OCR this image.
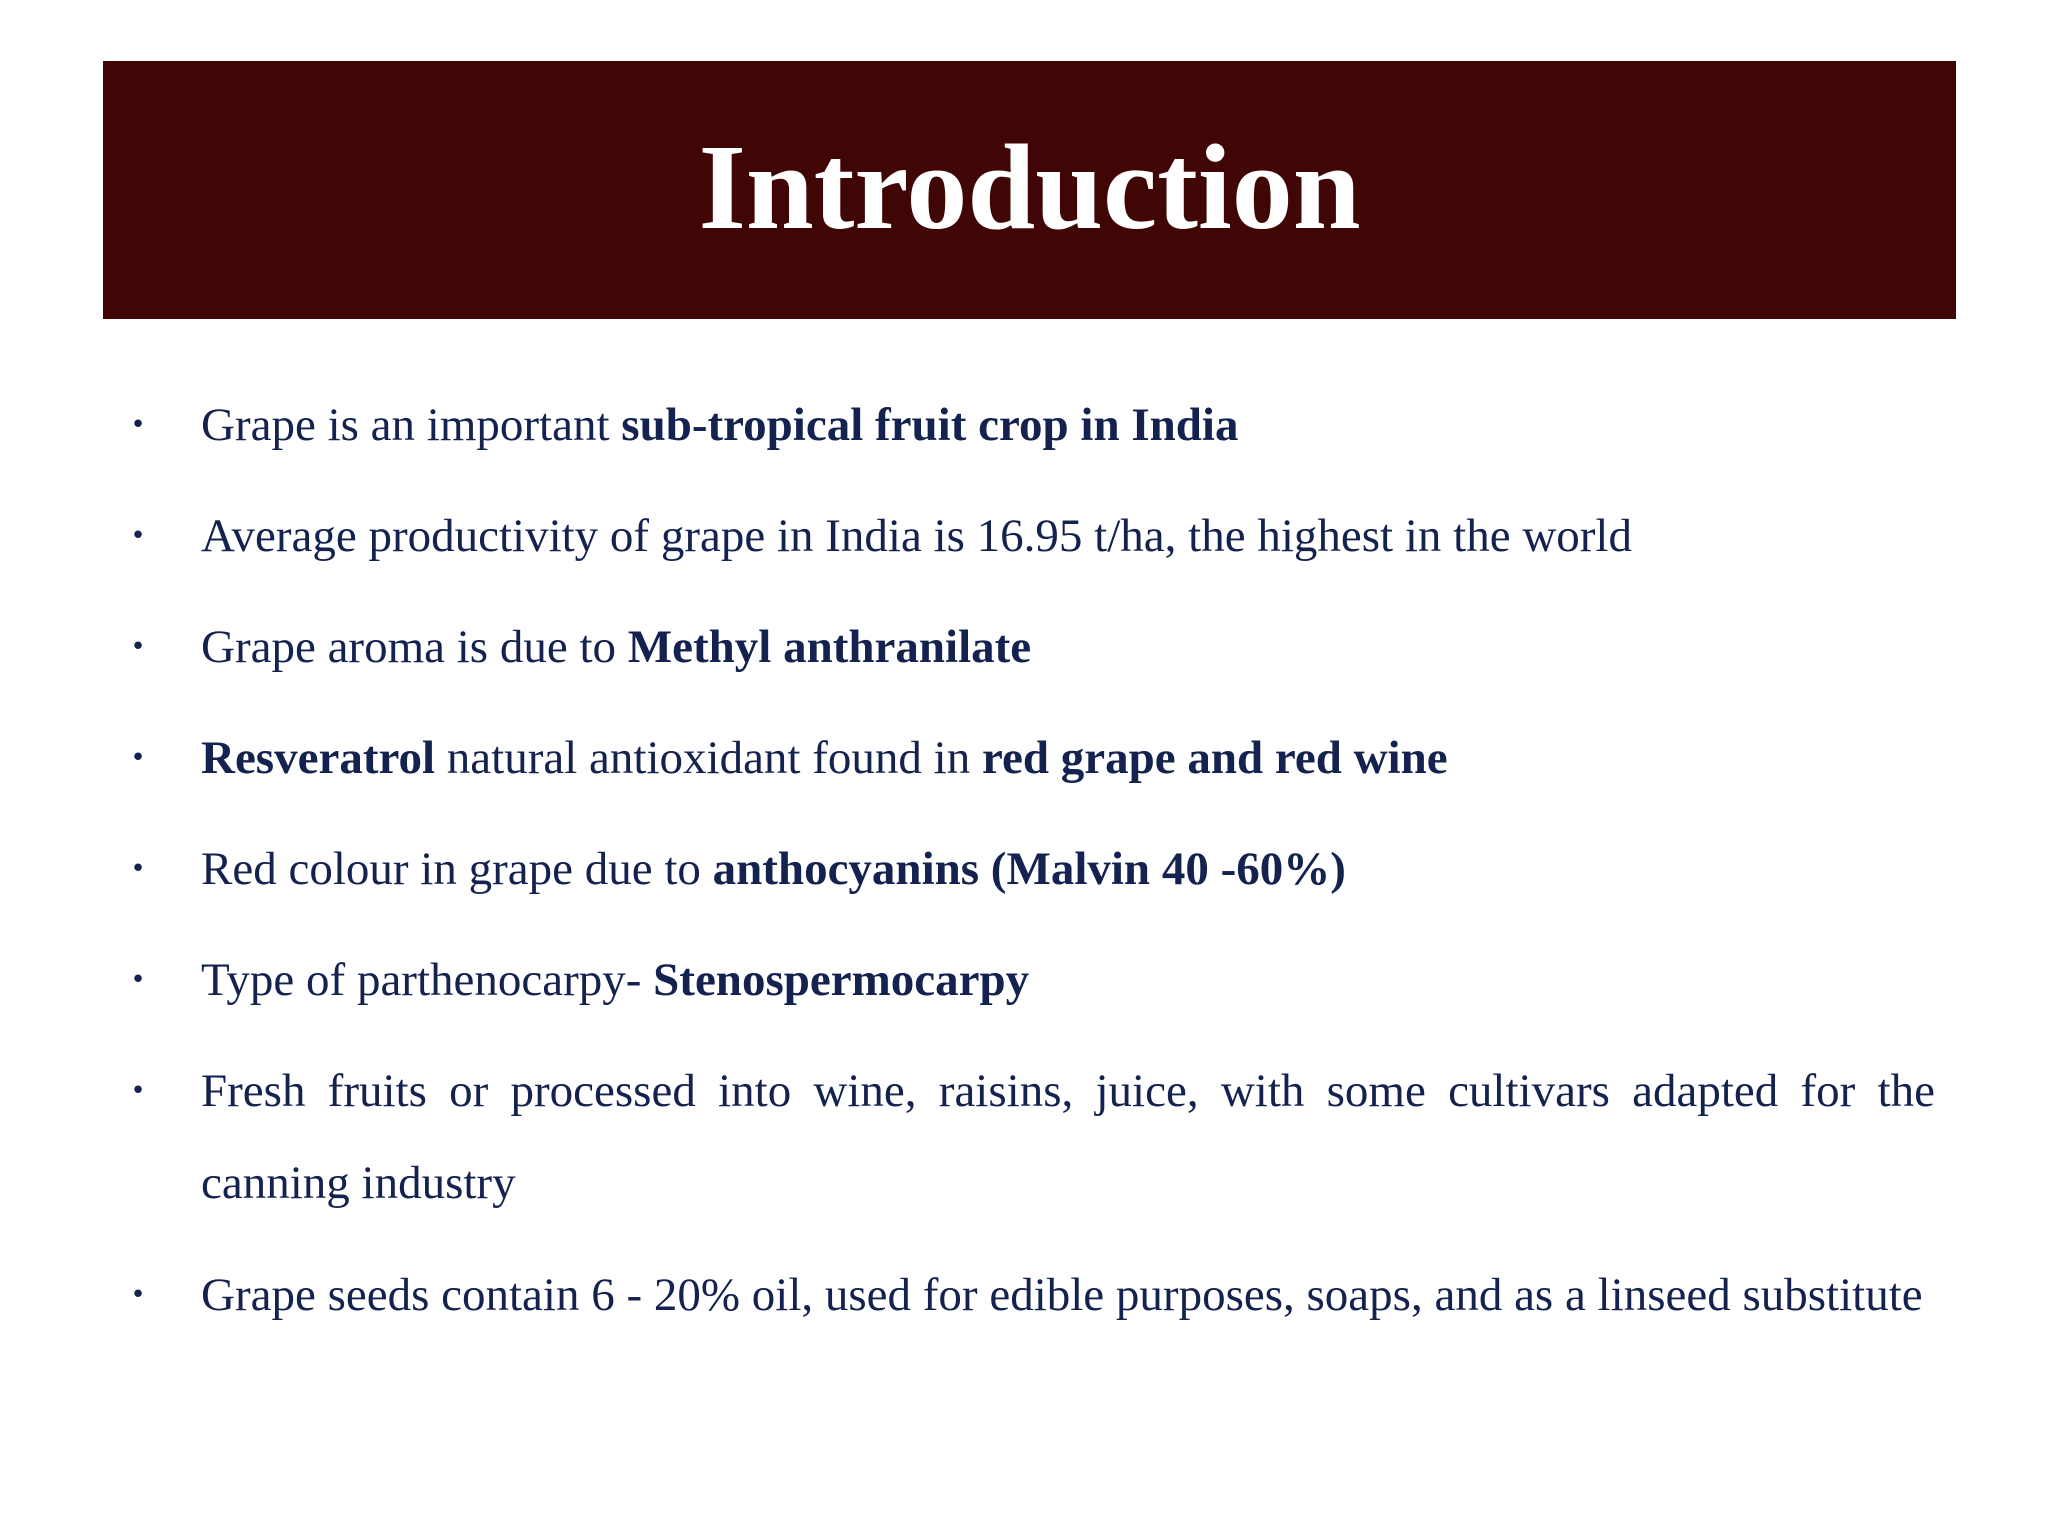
Introduction
• Grape is an important sub-tropical fruit crop in India
• Average productivity of grape in India is 16.95 t/ha, the highest in the world
• Grape aroma is due to Methyl anthranilate
• Resveratrol natural antioxidant found in red grape and red wine
• Red colour in grape due to anthocyanins (Malvin 40 -60%)
• Type of parthenocarpy- Stenospermocarpy
• Fresh fruits or processed into wine, raisins, juice, with some cultivars adapted for the canning industry
• Grape seeds contain 6 - 20% oil, used for edible purposes, soaps, and as a linseed substitute
